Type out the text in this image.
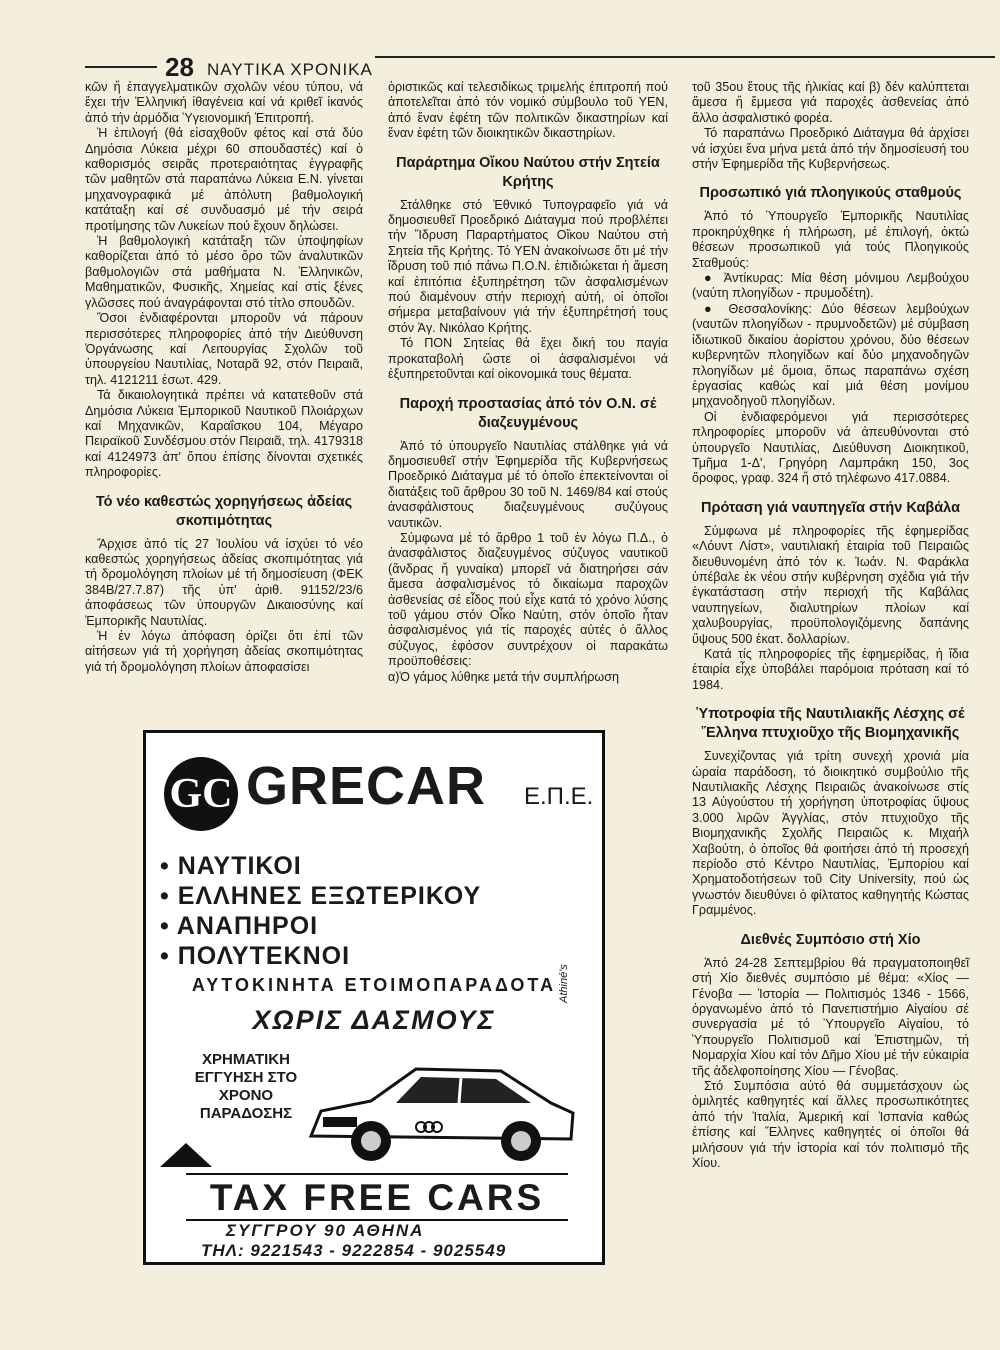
28 ΝΑΥΤΙΚΑ ΧΡΟΝΙΚΑ

κῶν ἤ ἐπαγγελματικῶν σχολῶν νέου τύπου, νά ἔχει τήν Ἑλληνική ἰθαγένεια καί νά κριθεῖ ἱκανός ἀπό τήν ἁρμόδια Ὑγειονομική Ἐπιτροπή.

Ἡ ἐπιλογή (θά εἰσαχθοῦν φέτος καί στά δύο Δημόσια Λύκεια μέχρι 60 σπουδαστές) καί ὁ καθορισμός σειρᾶς προτεραιότητας ἐγγραφῆς τῶν μαθητῶν στά παραπάνω Λύκεια Ε.Ν. γίνεται μηχανογραφικά μέ ἀπόλυτη βαθμολογική κατάταξη καί σέ συνδυασμό μέ τήν σειρά προτίμησης τῶν Λυκείων πού ἔχουν δηλώσει.

Ἡ βαθμολογική κατάταξη τῶν ὑποψηφίων καθορίζεται ἀπό τό μέσο ὅρο τῶν ἀναλυτικῶν βαθμολογιῶν στά μαθήματα Ν. Ἑλληνικῶν, Μαθηματικῶν, Φυσικῆς, Χημείας καί στίς ξένες γλῶσσες πού ἀναγράφονται στό τίτλο σπουδῶν.

Ὅσοι ἐνδιαφέρονται μποροῦν νά πάρουν περισσότερες πληροφορίες ἀπό τήν Διεύθυνση Ὀργάνωσης καί Λειτουργίας Σχολῶν τοῦ ὑπουργείου Ναυτιλίας, Νοταρᾶ 92, στόν Πειραιᾶ, τηλ. 4121211 ἐσωτ. 429.

Τά δικαιολογητικά πρέπει νά κατατεθοῦν στά Δημόσια Λύκεια Ἐμπορικοῦ Ναυτικοῦ Πλοιάρχων καί Μηχανικῶν, Καραΐσκου 104, Μέγαρο Πειραϊκοῦ Συνδέσμου στόν Πειραιᾶ, τηλ. 4179318 καί 4124973 ἀπ' ὅπου ἐπίσης δίνονται σχετικές πληροφορίες.

Τό νέο καθεστώς χορηγήσεως ἀδείας σκοπιμότητας

Ἄρχισε ἀπό τίς 27 Ἰουλίου νά ἰσχύει τό νέο καθεστώς χορηγήσεως ἀδείας σκοπιμότητας γιά τή δρομολόγηση πλοίων μέ τή δημοσίευση (ΦΕΚ 384Β/27.7.87) τῆς ὑπ' ἀριθ. 91152/23/6 ἀποφάσεως τῶν ὑπουργῶν Δικαιοσύνης καί Ἐμπορικῆς Ναυτιλίας.

Ἡ ἐν λόγω ἀπόφαση ὁρίζει ὅτι ἐπί τῶν αἰτήσεων γιά τή χορήγηση ἀδείας σκοπιμότητας γιά τή δρομολόγηση πλοίων ἀποφασίσει

ὁριστικῶς καί τελεσιδίκως τριμελής ἐπιτροπή πού ἀποτελεῖται ἀπό τόν νομικό σύμβουλο τοῦ ΥΕΝ, ἀπό ἕναν ἐφέτη τῶν πολιτικῶν δικαστηρίων καί ἕναν ἐφέτη τῶν διοικητικῶν δικαστηρίων.

Παράρτημα Οἴκου Ναύτου στήν Σητεία Κρήτης

Στάλθηκε στό Ἐθνικό Τυπογραφεῖο γιά νά δημοσιευθεῖ Προεδρικό Διάταγμα πού προβλέπει τήν Ἵδρυση Παραρτήματος Οἴκου Ναύτου στή Σητεία τῆς Κρήτης. Τό ΥΕΝ ἀνακοίνωσε ὅτι μέ τήν ἵδρυση τοῦ πιό πάνω Π.Ο.Ν. ἐπιδιώκεται ἡ ἄμεση καί ἐπιτόπια ἐξυπηρέτηση τῶν ἀσφαλισμένων πού διαμένουν στήν περιοχή αὐτή, οἱ ὁποῖοι σήμερα μεταβαίνουν γιά τήν ἐξυπηρέτησή τους στόν Ἀγ. Νικόλαο Κρήτης.

Τό ΠΟΝ Σητείας θά ἔχει δική του παγία προκαταβολή ὥστε οἱ ἀσφαλισμένοι νά ἐξυπηρετοῦνται καί οἰκονομικά τους θέματα.

Παροχή προστασίας ἀπό τόν Ο.Ν. σέ διαζευγμένους

Ἀπό τό ὑπουργεῖο Ναυτιλίας στάλθηκε γιά νά δημοσιευθεῖ στήν Ἐφημερίδα τῆς Κυβερνήσεως Προεδρικό Διάταγμα μέ τό ὁποῖο ἐπεκτείνονται οἱ διατάξεις τοῦ ἄρθρου 30 τοῦ Ν. 1469/84 καί στούς ἀνασφάλιστους διαζευγμένους συζύγους ναυτικῶν.

Σύμφωνα μέ τό ἄρθρο 1 τοῦ ἐν λόγω Π.Δ., ὁ ἀνασφάλιστος διαζευγμένος σύζυγος ναυτικοῦ (ἄνδρας ἤ γυναίκα) μπορεῖ νά διατηρήσει σάν ἄμεσα ἀσφαλισμένος τό δικαίωμα παροχῶν ἀσθενείας σέ εἶδος πού εἶχε κατά τό χρόνο λύσης τοῦ γάμου στόν Οἶκο Ναύτη, στόν ὁποῖο ἦταν ἀσφαλισμένος γιά τίς παροχές αὐτές ὁ ἄλλος σύζυγος, ἐφόσον συντρέχουν οἱ παρακάτω προϋποθέσεις:

α)Ὁ γάμος λύθηκε μετά τήν συμπλήρωση

τοῦ 35ου ἔτους τῆς ἡλικίας καί β) δέν καλύπτεται ἄμεσα ἤ ἔμμεσα γιά παροχές ἀσθενείας ἀπό ἄλλο ἀσφαλιστικό φορέα.

Τό παραπάνω Προεδρικό Διάταγμα θά ἀρχίσει νά ἰσχύει ἕνα μήνα μετά ἀπό τήν δημοσίευσή του στήν Ἐφημερίδα τῆς Κυβερνήσεως.

Προσωπικό γιά πλοηγικούς σταθμούς

Ἀπό τό Ὑπουργεῖο Ἐμπορικῆς Ναυτιλίας προκηρύχθηκε ἡ πλήρωση, μέ ἐπιλογή, ὀκτώ θέσεων προσωπικοῦ γιά τούς Πλοηγικούς Σταθμούς:

● Ἀντίκυρας: Μία θέση μόνιμου Λεμβούχου (ναύτη πλοηγίδων - πρυμοδέτη).

● Θεσσαλονίκης: Δύο θέσεων λεμβούχων (ναυτῶν πλοηγίδων - πρυμνοδετῶν) μέ σύμβαση ἰδιωτικοῦ δικαίου ἀορίστου χρόνου, δύο θέσεων κυβερνητῶν πλοηγίδων καί δύο μηχανοδηγῶν πλοηγίδων μέ ὅμοια, ὅπως παραπάνω σχέση ἐργασίας καθώς καί μιά θέση μονίμου μηχανοδηγοῦ πλοηγίδων.

Οἱ ἐνδιαφερόμενοι γιά περισσότερες πληροφορίες μποροῦν νά ἀπευθύνονται στό ὑπουργεῖο Ναυτιλίας, Διεύθυνση Διοικητικοῦ, Τμῆμα 1-Δ', Γρηγόρη Λαμπράκη 150, 3ος ὄροφος, γραφ. 324 ἤ στό τηλέφωνο 417.0884.

Πρόταση γιά ναυπηγεῖα στήν Καβάλα

Σύμφωνα μέ πληροφορίες τῆς ἐφημερίδας «Λόυντ Λίστ», ναυτιλιακή ἑταιρία τοῦ Πειραιῶς διευθυνομένη ἀπό τόν κ. Ἰωάν. Ν. Φαράκλα ὑπέβαλε ἐκ νέου στήν κυβέρνηση σχέδια γιά τήν ἐγκατάσταση στήν περιοχή τῆς Καβάλας ναυπηγείων, διαλυτηρίων πλοίων καί χαλυβουργίας, προϋπολογιζόμενης δαπάνης ὕψους 500 ἑκατ. δολλαρίων.

Κατά τίς πληροφορίες τῆς ἐφημερίδας, ἡ ἴδια ἑταιρία εἶχε ὑποβάλει παρόμοια πρόταση καί τό 1984.

Ὑποτροφία τῆς Ναυτιλιακῆς Λέσχης σέ Ἕλληνα πτυχιοῦχο τῆς Βιομηχανικῆς

Συνεχίζοντας γιά τρίτη συνεχή χρονιά μία ὡραία παράδοση, τό διοικητικό συμβούλιο τῆς Ναυτιλιακῆς Λέσχης Πειραιῶς ἀνακοίνωσε στίς 13 Αὐγούστου τή χορήγηση ὑποτροφίας ὕψους 3.000 λιρῶν Ἀγγλίας, στόν πτυχιοῦχο τῆς Βιομηχανικῆς Σχολῆς Πειραιῶς κ. Μιχαήλ Χαβούτη, ὁ ὁποῖος θά φοιτήσει ἀπό τή προσεχή περίοδο στό Κέντρο Ναυτιλίας, Ἐμπορίου καί Χρηματοδοτήσεων τοῦ City University, πού ὡς γνωστόν διευθύνει ὁ φίλτατος καθηγητής Κώστας Γραμμένος.

Διεθνές Συμπόσιο στή Χίο

Ἀπό 24-28 Σεπτεμβρίου θά πραγματοποιηθεῖ στή Χίο διεθνές συμπόσιο μέ θέμα: «Χίος — Γένοβα — Ἱστορία — Πολιτισμός 1346 - 1566, ὀργανωμένο ἀπό τό Πανεπιστήμιο Αἰγαίου σέ συνεργασία μέ τό Ὑπουργεῖο Αἰγαίου, τό Ὑπουργεῖο Πολιτισμοῦ καί Ἐπιστημῶν, τή Νομαρχία Χίου καί τόν Δῆμο Χίου μέ τήν εὐκαιρία τῆς ἀδελφοποίησης Χίου — Γένοβας.

Στό Συμπόσια αὐτό θά συμμετάσχουν ὡς ὁμιλητές καθηγητές καί ἄλλες προσωπικότητες ἀπό τήν Ἰταλία, Ἀμερική καί Ἰσπανία καθώς ἐπίσης καί Ἕλληνες καθηγητές οἱ ὁποῖοι θά μιλήσουν γιά τήν ἱστορία καί τόν πολιτισμό τῆς Χίου.

GC GRECAR Ε.Π.Ε.
• ΝΑΥΤΙΚΟΙ
• ΕΛΛΗΝΕΣ ΕΞΩΤΕΡΙΚΟΥ
• ΑΝΑΠΗΡΟΙ
• ΠΟΛΥΤΕΚΝΟΙ
ΑΥΤΟΚΙΝΗΤΑ ΕΤΟΙΜΟΠΑΡΑΔΟΤΑ
ΧΩΡΙΣ ΔΑΣΜΟΥΣ
ΧΡΗΜΑΤΙΚΗ ΕΓΓΥΗΣΗ ΣΤΟ ΧΡΟΝΟ ΠΑΡΑΔΟΣΗΣ
Athiné's
TAX FREE CARS
ΣΥΓΓΡΟΥ 90 ΑΘΗΝΑ
ΤΗΛ: 9221543 - 9222854 - 9025549
